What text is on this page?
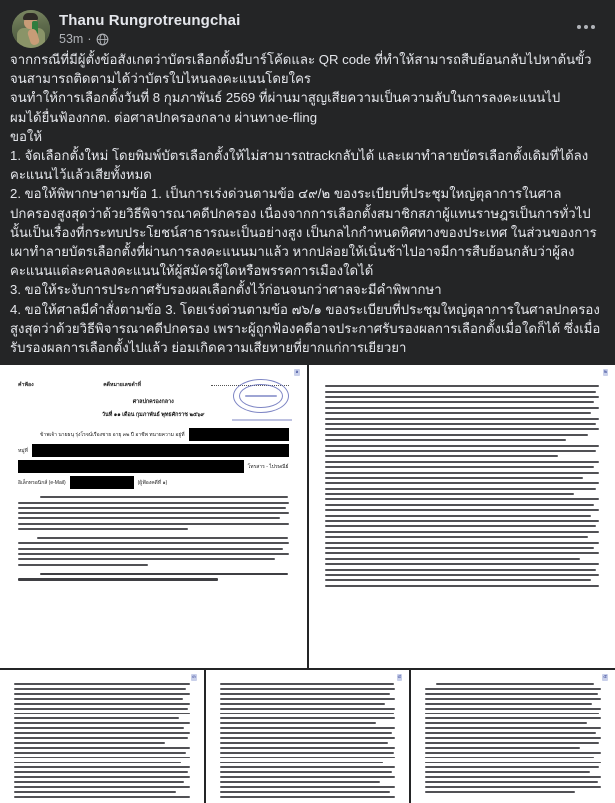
Thanu Rungrotreungchai
53m ·

จากกรณีที่มีผู้ตั้งข้อสังเกตว่าบัตรเลือกตั้งมีบาร์โค้ดและ QR code ที่ทำให้สามารถสืบย้อนกลับไปหาต้นขั้ว จนสามารถติดตามได้ว่าบัตรใบไหนลงคะแนนโดยใคร

จนทำให้การเลือกตั้งวันที่ 8 กุมภาพันธ์ 2569 ที่ผ่านมาสูญเสียความเป็นความลับในการลงคะแนนไป

ผมได้ยื่นฟ้องกกต. ต่อศาลปกครองกลาง ผ่านทางe-fling

ขอให้

1. จัดเลือกตั้งใหม่ โดยพิมพ์บัตรเลือกตั้งให้ไม่สามารถtrackกลับได้ และเผาทำลายบัตรเลือกตั้งเดิมที่ได้ลงคะแนนไว้แล้วเสียทั้งหมด

2. ขอให้พิพากษาตามข้อ 1. เป็นการเร่งด่วนตามข้อ ๔๙/๒ ของระเบียบที่ประชุมใหญ่ตุลาการในศาลปกครองสูงสุดว่าด้วยวิธีพิจารณาคดีปกครอง เนื่องจากการเลือกตั้งสมาชิกสภาผู้แทนราษฎรเป็นการทั่วไปนั้นเป็นเรื่องที่กระทบประโยชน์สาธารณะเป็นอย่างสูง เป็นกลไกกำหนดทิศทางของประเทศ ในส่วนของการเผาทำลายบัตรเลือกตั้งที่ผ่านการลงคะแนนมาแล้ว หากปล่อยให้เนิ่นช้าไปอาจมีการสืบย้อนกลับว่าผู้ลงคะแนนแต่ละคนลงคะแนนให้ผู้สมัครผู้ใดหรือพรรคการเมืองใดได้

3. ขอให้ระงับการประกาศรับรองผลเลือกตั้งไว้ก่อนจนกว่าศาลจะมีคำพิพากษา

4. ขอให้ศาลมีคำสั่งตามข้อ 3. โดยเร่งด่วนตามข้อ ๗๖/๑ ของระเบียบที่ประชุมใหญ่ตุลาการในศาลปกครองสูงสุดว่าด้วยวิธีพิจารณาคดีปกครอง เพราะผู้ถูกฟ้องคดีอาจประกาศรับรองผลการเลือกตั้งเมื่อใดก็ได้ ซึ่งเมื่อรับรองผลการเลือกตั้งไปแล้ว ย่อมเกิดความเสียหายที่ยากแก่การเยียวยา

๑
คำฟ้อง	คดีหมายเลขดำที่
ศาลปกครองกลาง
วันที่ ๑๑ เดือน กุมภาพันธ์ พุทธศักราช ๒๕๖๙
ข้าพเจ้า นายธนุ รุ่งโรจน์เรืองชาย อายุ ๓๒ ปี อาชีพ ทนายความ อยู่ที่
หมู่ที่
โทรสาร - ไปรษณีย์
อิเล็กทรอนิกส์ (e-Mail)	(ผู้ฟ้องคดีที่ ๑)
๒
๓	๔	๕
